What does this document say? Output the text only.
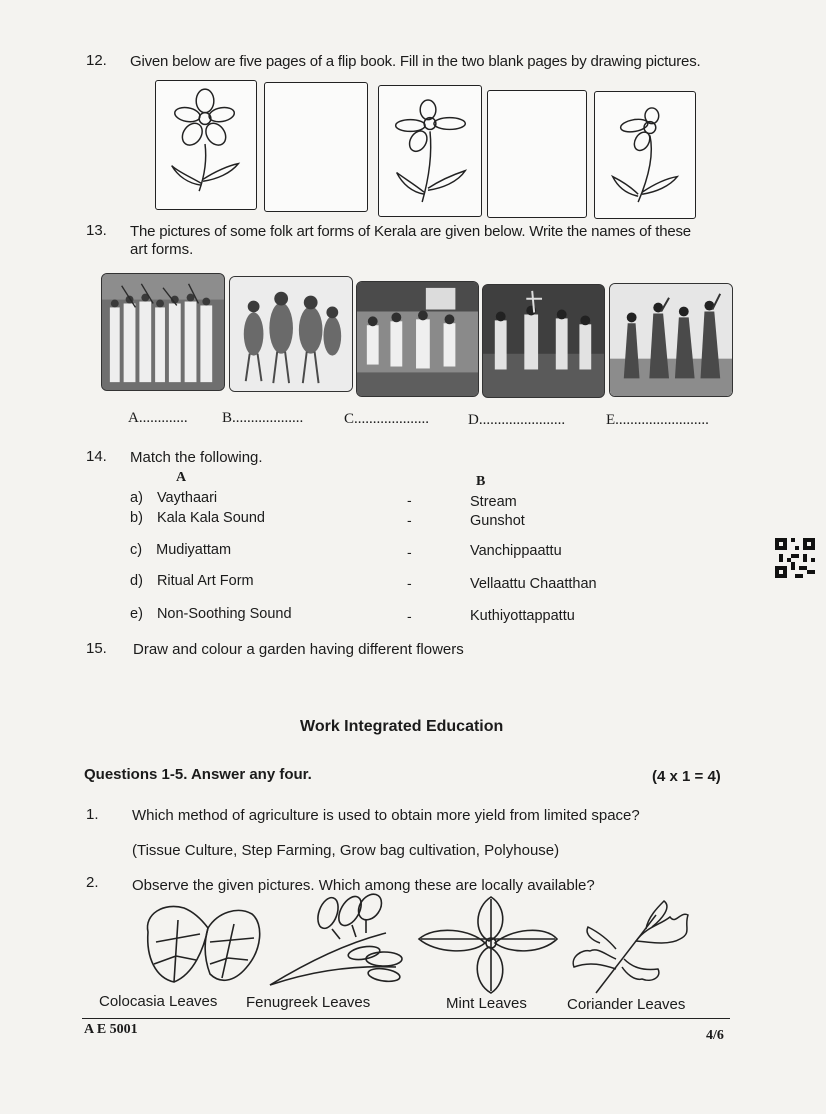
12. Given below are five pages of a flip book. Fill in the two blank pages by drawing pictures.
13. The pictures of some folk art forms of Kerala are given below. Write the names of these
art forms.
A............. B...................	C....................	D.......................	E.........................
14. Match the following.
A	B
a) Vaythaari	-	Stream
b) Kala Kala Sound	-	Gunshot
c) Mudiyattam	-	Vanchippaattu
d) Ritual Art Form	-	Vellaattu Chaatthan
e) Non-Soothing Sound	-	Kuthiyottappattu
15. Draw and colour a garden having different flowers
Work Integrated Education
Questions 1-5. Answer any four.	(4 x 1 = 4)
1. Which method of agriculture is used to obtain more yield from limited space?
(Tissue Culture, Step Farming, Grow bag cultivation, Polyhouse)
2. Observe the given pictures. Which among these are locally available?
Colocasia Leaves Fenugreek Leaves	Mint Leaves	Coriander Leaves
A E 5001	4/6
